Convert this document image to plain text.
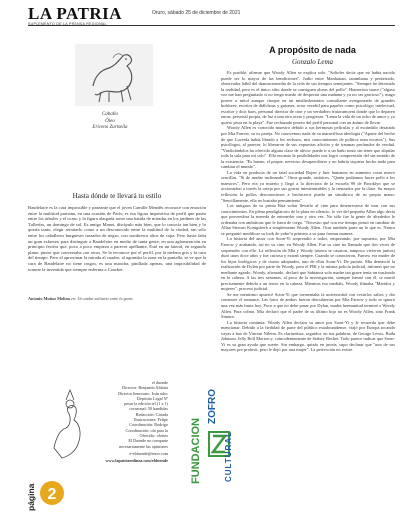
LA PATRIA
SUPLEMENTO DE LA PRENSA REGIONAL
Oruro, sábado 25 de diciembre de 2021
Caballo
Óleo
Ericeno Zurtseila
Hasta dónde te llevará tu estilo
Baudelaire es la cara impossible y paseante que el joven Camille Mendès reconoce con emoción entre la multitud parisina, en una ocasión de París; es esa figura impositiva de perfil que pasea entre los árboles y el ocaso y la figura alargada tomo una batida de miradas en los jardines de las Tullerías, un domingo de sol. Es amigo Manet, discípulo más bien, que lo conocía tan bien y lo quería tanto, elegir retratarlo como a un desconocido entre la multitud de la ciudad, tan sólo entre los caballeros burgueses trazados de negro, con sombreros altos de copa. Pero hasta falta un gran esfuerzo para distinguir a Baudelaire en medio de tanta gente, en una aglomeración en principio festiva que, poco a poco empieza a parecer apelhante. Está en un lateral, en segundo plano, pintor que conversaba con otros. Se la reconoce por el perfil, por la melena gris y la cara del tiempo. Pero al aproximar la mirada al cuadro, al agrandar la zona en la pantalla, se ve que la cara de Baudelaire no tiene rasgos, es una mancha, pinillada apenas, una imposibilidad de tornear la inventida que siempre enferma a Courbet.
Antonio Muñoz Molina en: Un andar solitario entre la gente.
A propósito de nada
Gonzalo Lema

Es posible, afirmar que Woody Allen se explica solo. "Soltoles decía que no había nacido puede ser lo mayor de las bendiciones". Judío entre Manhattan, tarambana y pentetrado, observador hábil del dramaciomedia de la vida de sus tiempos semejantes. "Siempre he detestado la realidad, pero es el único sitio donde se consiguen aloras del pollo". Humorista suave ("algaso vez me han preguntado si no tengo miedo de despertar una mañana y ya no ser gracioso"), mago poseer a mitol aunque choque en un misthedoramios consultante avergonzado de grandes bolsheev, escritor de diálchous y guiones, actor versátil para papeles como psicológo; intelectual, escritor y dois baos, personal director de cine y un verdadero tratavamoent donde que lo deparen encar, personal propia, de luz a una otra aceta y progresar. "Lema la vida de un ocho de amor y yo quiero pisar en la playa". Fue rechazado pronto del perfil personal con un ánimo de llevar.

Woody Allen es conocido muestro debido a sus hermosas películas y al escándalo desatado por Mia Farrow, su ex pareja. No conocemos nada de su maravillosa ideología ("Aparte del hecho de que Lucerda había librado a los reclusos, mis conocimientos de política eran escasos"). Sus psicólogos, al parecer, lo liberaron de sus expuestas afición y de traumas profundos de verdad. "Vindicándolos ha ofrecido alguna clase de alivio: puede ir a un baño tonto sin tener que alquilar toda la sala para mí solo". Ello encanto la posibilidades nos logró comprensión del sin-sentido de la existencia: "Es bueno, el proper, nervioso desapercibirse y no habría siquiera hecho nada para cambiar el mundo".

La vida en producía de un fatal sociedad Bojen y fuer humanos en aumento cosas nuevo sencillas. "Si de mudar inclinando." Otros grande, asiáticos. "Quién podíamos hacer pollo a los maestros". Pero era ya muerto y llegó a la directora de la escuela 99 de Brooklyn que se accionadort a través la orteja por sus gorras intestimirables y lo trenzados por la clase. Su mayor reflexión la pollos desconocimos a hechiceros puedo un sinsábrica de su propio mano: "Sencillamente, ella no bustaba pensamiento".

Los antiguos de su prima Rita soltar llevarlo al cine para desenrecarse de tirar con sus conocimientos. En plena pendiglatorio de la plata en silencio, lo ver del pequeño Allen algo decía que proveedora la mereda de entenedor una y otra vez. No sólo fue la gente de alrededor le ordenaba con ambitions que le fuera de ciego. "Necesito qué con ese tiempo pensó en cambiar de Allan Stewart Konigsberh a simplemente Woody Allen. Ocur también parte un lo que es. Nunca se preguntó modificar su look de yaño^a primero a su para formar manera.

La historia del amor con Soon-Yi sorprendió a todos, empezando, por supuesto, por Mia Farrow y acabando, así no su cine, en Woody Allen. Fue su cine no llamado que dos veces de sorprender con ello. La reflexión de Mia y Woody (nunca se casaron, tampoco vivieron juntos) duró unos doce años y fue curiosa y extrañ sienpre. Cuando se conocieron, Farrow era madre de los hijos biológicos y de cuatro adoptados, uno de ellas Soon-Yi. De pronto, Mia denunció la realización de Dylan por parte de Woody, pero el FBI y la misma policía judicial, informó que no mediante agardo. Woody, afirmado, declaró que Sabtanca solo madre tan grave tenía un trasfondo en la cabeza. A las tres semanas, al poco de la investigación, siempre fuemó con él, se murió precisamente debido a un testor en la cabeza. Mientras eso mediáis, Woody filmaba "Maridos y mujeres", proceso judicial.

Se me mentirmo apuercé Soon-Yi que tormentaba la universidad con vestirlos saltos y dio comerzer el romance. Las fotos de ambos fueron descubiertas por Mia Farrow y todo se ignoró una vez más hasta hoy. Poco a que no debe pasar por Dylan, madra hermanitud terminó a Woody Allen. Para colmo, Mia declaró que el padre de su último hijo no es Woody Allen, sino Frank Sinatra.

La historia continúa. Woody Allen declara su amor por Soon-Yi y le recuerda que debe mencionar. Debido a la fiedidad de parte del público estadounidense, viajó por Europa tocando vayas a bao de Vincent Nileim. Es clarinetista, seguidor, en sus palabras, de George Lewis, Buda Johnson, Jelly Roll Morton y, coincidentemente de Sidney Bechet. Todo parece indicar que Soon-Yi es su gran ayuda que suerte. Sin embargo, quizás en juveia, supo declarar que "uno de sus mayores pre profesti, pero le dejó por ona mujer". La perfección no existe.

el duende
Director: Benjamín Aldaira
Director honorario: Iván adoc
Depósito Legal Nº
pesar la edición tel (1 x 1)
corazonal: 50 bandidas
Redacción: Cirtada
Ilustraciones: Felipe
Coordinación: Rodrigo
Coordinación: ola para la
Ofrecido: ofertes
El Duende no comparte
necesariamente las opiniones
e-elduende@enoo.com
www.lapatriaenlinea.com/elduende FUNDACION
ZOFRO
CULTURAL
página 2
